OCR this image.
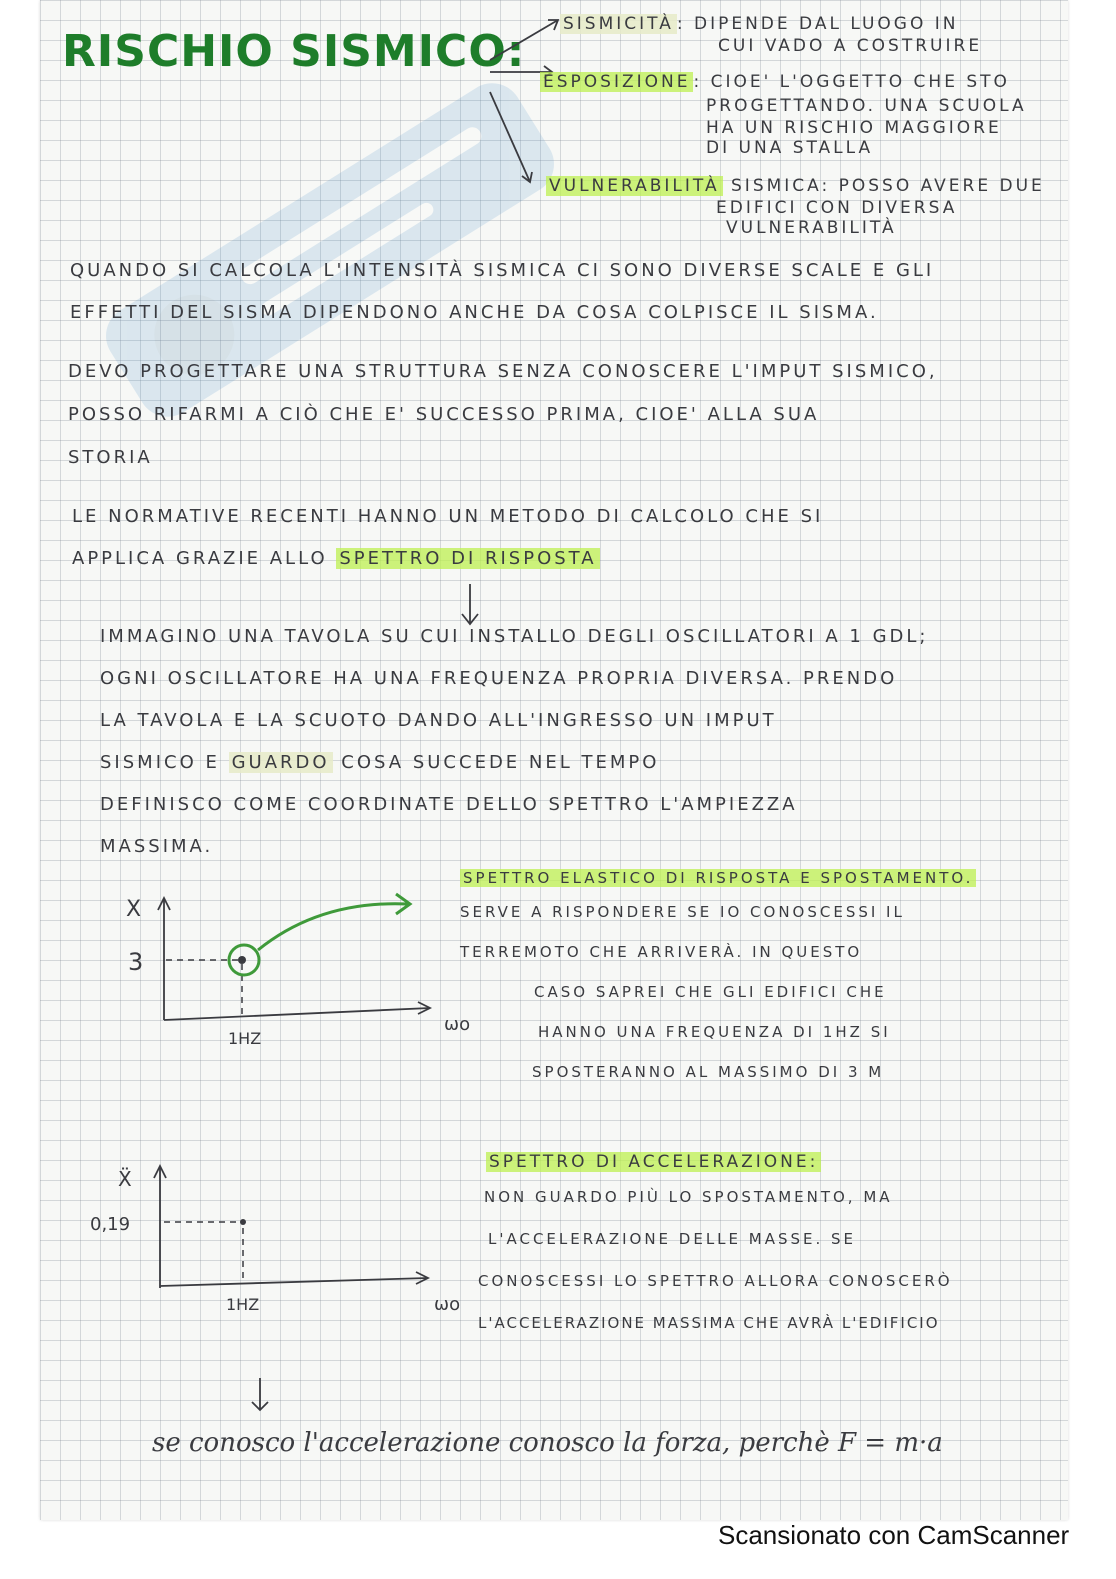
RISCHIO SISMICO:
SISMICITÀ : DIPENDE DAL LUOGO IN
CUI VADO A COSTRUIRE
ESPOSIZIONE : CIOE' L'OGGETTO CHE STO
PROGETTANDO. UNA SCUOLA
HA UN RISCHIO MAGGIORE
DI UNA STALLA
VULNERABILITÀ SISMICA: POSSO AVERE DUE
EDIFICI CON DIVERSA
VULNERABILITÀ
QUANDO SI CALCOLA L'INTENSITÀ SISMICA CI SONO DIVERSE SCALE E GLI
EFFETTI DEL SISMA DIPENDONO ANCHE DA COSA COLPISCE IL SISMA.
DEVO PROGETTARE UNA STRUTTURA SENZA CONOSCERE L'IMPUT SISMICO,
POSSO RIFARMI A CIÒ CHE E' SUCCESSO PRIMA, CIOE' ALLA SUA
STORIA
LE NORMATIVE RECENTI HANNO UN METODO DI CALCOLO CHE SI
APPLICA GRAZIE ALLO SPETTRO DI RISPOSTA
IMMAGINO UNA TAVOLA SU CUI INSTALLO DEGLI OSCILLATORI A 1 GDL;
OGNI OSCILLATORE HA UNA FREQUENZA PROPRIA DIVERSA. PRENDO
LA TAVOLA E LA SCUOTO DANDO ALL'INGRESSO UN IMPUT
SISMICO E GUARDO COSA SUCCEDE NEL TEMPO
DEFINISCO COME COORDINATE DELLO SPETTRO L'AMPIEZZA
MASSIMA.
X
3
1HZ
ωo
SPETTRO ELASTICO DI RISPOSTA E SPOSTAMENTO.
SERVE A RISPONDERE SE IO CONOSCESSI IL
TERREMOTO CHE ARRIVERÀ. IN QUESTO
CASO SAPREI CHE GLI EDIFICI CHE
HANNO UNA FREQUENZA DI 1HZ SI
SPOSTERANNO AL MASSIMO DI 3 M
Ẍ
0,19
1HZ	ωo
SPETTRO DI ACCELERAZIONE:
NON GUARDO PIÙ LO SPOSTAMENTO, MA
L'ACCELERAZIONE DELLE MASSE. SE
CONOSCESSI LO SPETTRO ALLORA CONOSCERÒ
L'ACCELERAZIONE MASSIMA CHE AVRÀ L'EDIFICIO
se conosco l'accelerazione conosco la forza, perchè F = m·a
Scansionato con CamScanner
